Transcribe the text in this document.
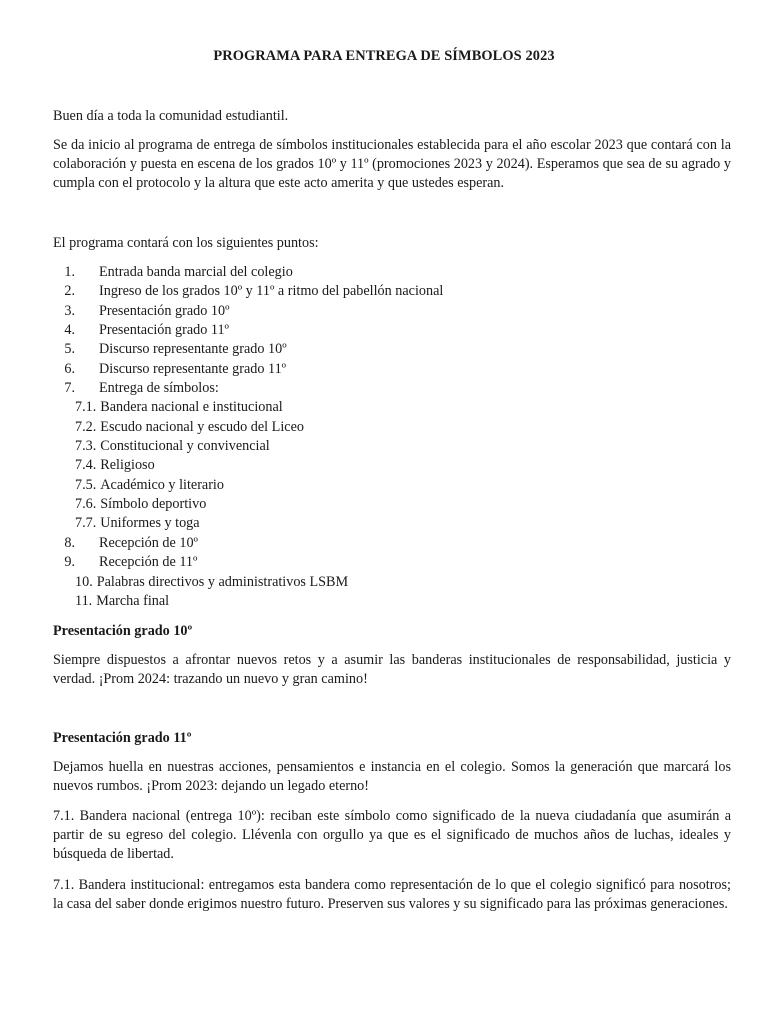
PROGRAMA PARA ENTREGA DE SÍMBOLOS 2023

Buen día a toda la comunidad estudiantil.

Se da inicio al programa de entrega de símbolos institucionales establecida para el año escolar 2023 que contará con la colaboración y puesta en escena de los grados 10º y 11º (promociones 2023 y 2024). Esperamos que sea de su agrado y cumpla con el protocolo y la altura que este acto amerita y que ustedes esperan.

El programa contará con los siguientes puntos:

1. Entrada banda marcial del colegio
2. Ingreso de los grados 10º y 11º a ritmo del pabellón nacional
3. Presentación grado 10º
4. Presentación grado 11º
5. Discurso representante grado 10º
6. Discurso representante grado 11º
7. Entrega de símbolos:
7.1. Bandera nacional e institucional
7.2. Escudo nacional y escudo del Liceo
7.3. Constitucional y convivencial
7.4. Religioso
7.5. Académico y literario
7.6. Símbolo deportivo
7.7. Uniformes y toga
8. Recepción de 10º
9. Recepción de 11º
10. Palabras directivos y administrativos LSBM
11. Marcha final
Presentación grado 10º

Siempre dispuestos a afrontar nuevos retos y a asumir las banderas institucionales de responsabilidad, justicia y verdad. ¡Prom 2024: trazando un nuevo y gran camino!

Presentación grado 11º

Dejamos huella en nuestras acciones, pensamientos e instancia en el colegio. Somos la generación que marcará los nuevos rumbos. ¡Prom 2023: dejando un legado eterno!

7.1. Bandera nacional (entrega 10º): reciban este símbolo como significado de la nueva ciudadanía que asumirán a partir de su egreso del colegio. Llévenla con orgullo ya que es el significado de muchos años de luchas, ideales y búsqueda de libertad.

7.1. Bandera institucional: entregamos esta bandera como representación de lo que el colegio significó para nosotros; la casa del saber donde erigimos nuestro futuro. Preserven sus valores y su significado para las próximas generaciones.
